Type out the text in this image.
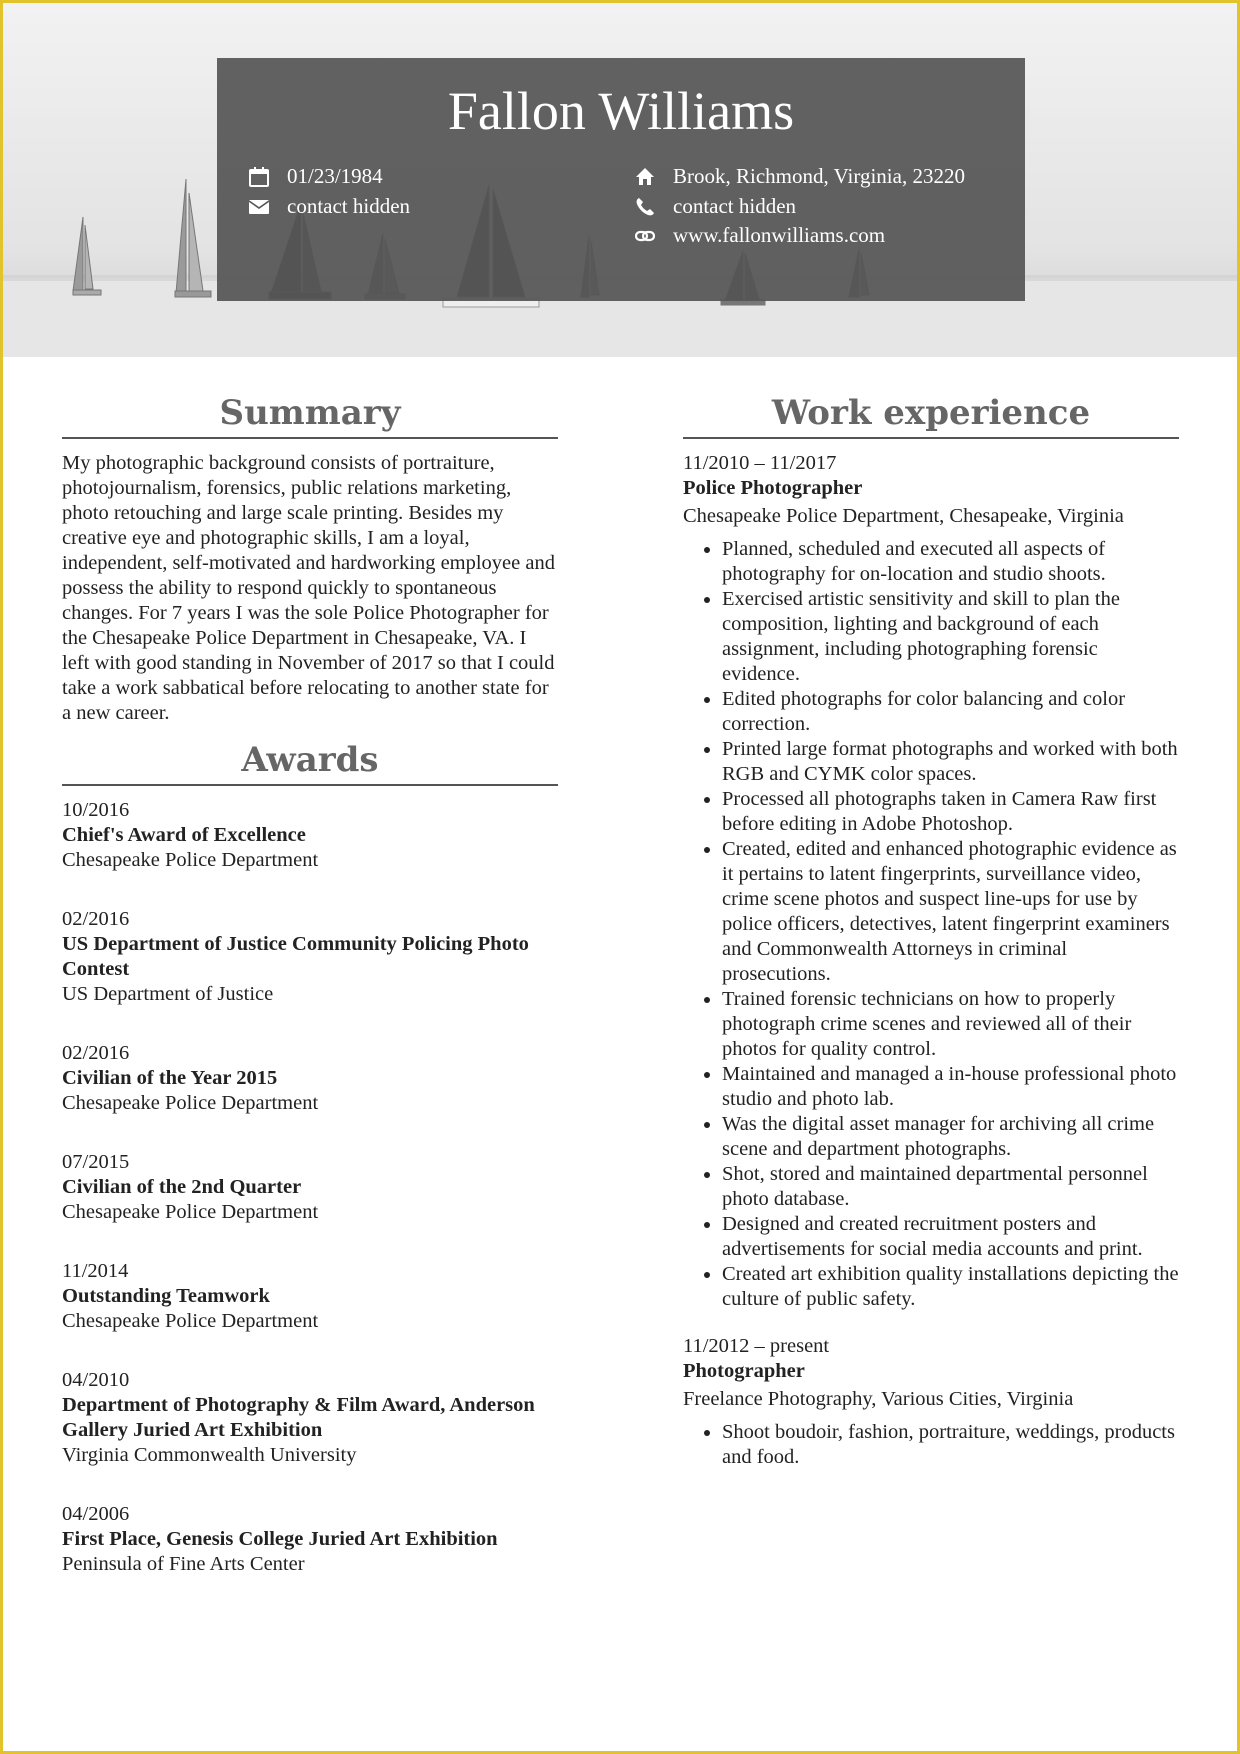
Fallon Williams
01/23/1984
contact hidden
Brook, Richmond, Virginia, 23220
contact hidden
www.fallonwilliams.com
Summary

My photographic background consists of portraiture, photojournalism, forensics, public relations marketing, photo retouching and large scale printing. Besides my creative eye and photographic skills, I am a loyal, independent, self-motivated and hardworking employee and possess the ability to respond quickly to spontaneous changes. For 7 years I was the sole Police Photographer for the Chesapeake Police Department in Chesapeake, VA. I left with good standing in November of 2017 so that I could take a work sabbatical before relocating to another state for a new career.

Awards
10/2016
Chief's Award of Excellence
Chesapeake Police Department
02/2016
US Department of Justice Community Policing Photo Contest
US Department of Justice
02/2016
Civilian of the Year 2015
Chesapeake Police Department
07/2015
Civilian of the 2nd Quarter
Chesapeake Police Department
11/2014
Outstanding Teamwork
Chesapeake Police Department
04/2010
Department of Photography & Film Award, Anderson Gallery Juried Art Exhibition
Virginia Commonwealth University
04/2006
First Place, Genesis College Juried Art Exhibition
Peninsula of Fine Arts Center
Work experience
11/2010 – 11/2017
Police Photographer
Chesapeake Police Department, Chesapeake, Virginia
• Planned, scheduled and executed all aspects of photography for on-location and studio shoots.
• Exercised artistic sensitivity and skill to plan the composition, lighting and background of each assignment, including photographing forensic evidence.
• Edited photographs for color balancing and color correction.
• Printed large format photographs and worked with both RGB and CYMK color spaces.
• Processed all photographs taken in Camera Raw first before editing in Adobe Photoshop.
• Created, edited and enhanced photographic evidence as it pertains to latent fingerprints, surveillance video, crime scene photos and suspect line-ups for use by police officers, detectives, latent fingerprint examiners and Commonwealth Attorneys in criminal prosecutions.
• Trained forensic technicians on how to properly photograph crime scenes and reviewed all of their photos for quality control.
• Maintained and managed a in-house professional photo studio and photo lab.
• Was the digital asset manager for archiving all crime scene and department photographs.
• Shot, stored and maintained departmental personnel photo database.
• Designed and created recruitment posters and advertisements for social media accounts and print.
• Created art exhibition quality installations depicting the culture of public safety.
11/2012 – present
Photographer
Freelance Photography, Various Cities, Virginia
• Shoot boudoir, fashion, portraiture, weddings, products and food.
